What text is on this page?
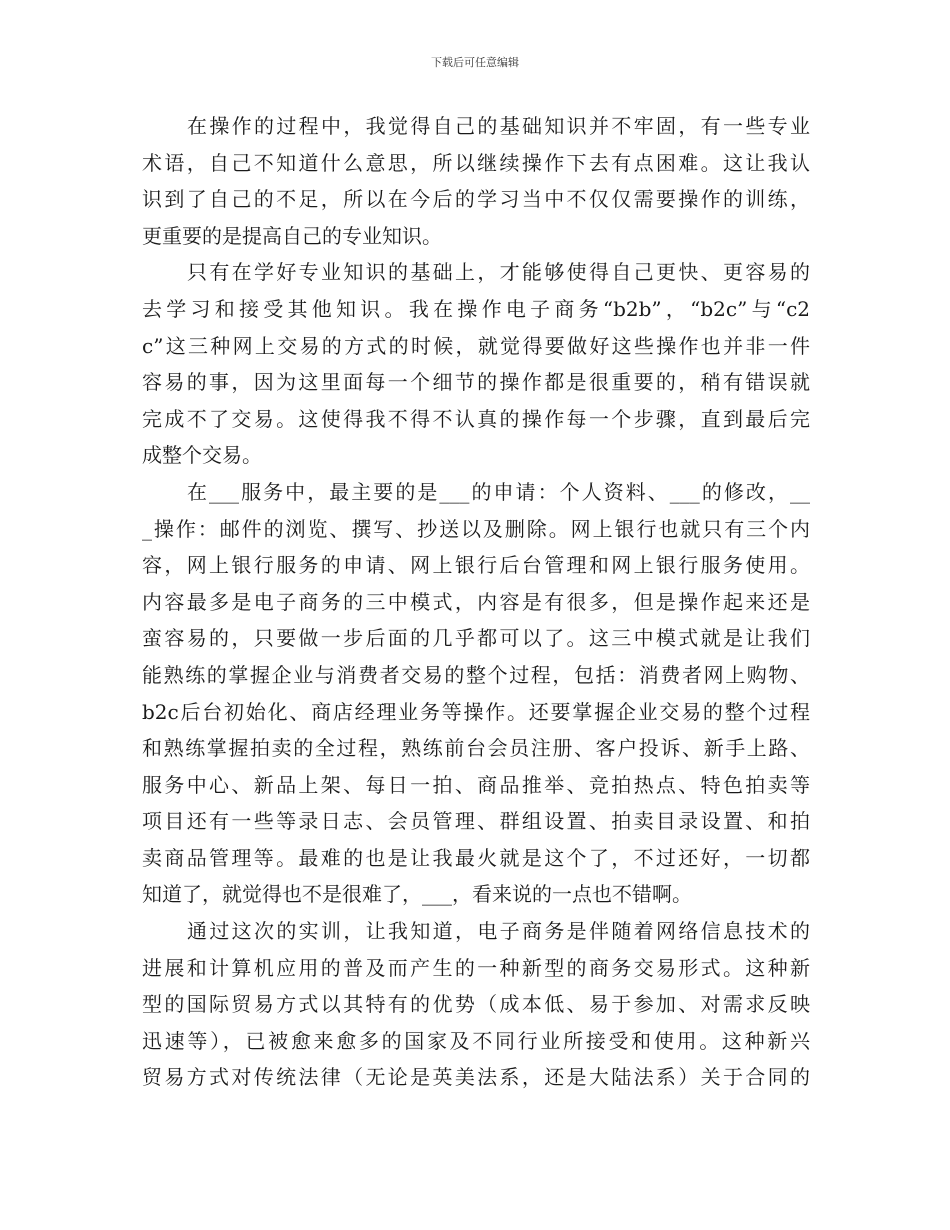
下载后可任意编辑
在操作的过程中，我觉得自己的基础知识并不牢固，有一些专业
术语，自己不知道什么意思，所以继续操作下去有点困难。这让我认
识到了自己的不足，所以在今后的学习当中不仅仅需要操作的训练，
更重要的是提高自己的专业知识。
只有在学好专业知识的基础上，才能够使得自己更快、更容易的
去学习和接受其他知识。我在操作电子商务“b2b”，“b2c”与“c2
c”这三种网上交易的方式的时候，就觉得要做好这些操作也并非一件
容易的事，因为这里面每一个细节的操作都是很重要的，稍有错误就
完成不了交易。这使得我不得不认真的操作每一个步骤，直到最后完
成整个交易。
在___服务中，最主要的是___的申请：个人资料、___的修改，__
_操作：邮件的浏览、撰写、抄送以及删除。网上银行也就只有三个内
容，网上银行服务的申请、网上银行后台管理和网上银行服务使用。
内容最多是电子商务的三中模式，内容是有很多，但是操作起来还是
蛮容易的，只要做一步后面的几乎都可以了。这三中模式就是让我们
能熟练的掌握企业与消费者交易的整个过程，包括：消费者网上购物、
b2c后台初始化、商店经理业务等操作。还要掌握企业交易的整个过程
和熟练掌握拍卖的全过程，熟练前台会员注册、客户投诉、新手上路、
服务中心、新品上架、每日一拍、商品推举、竞拍热点、特色拍卖等
项目还有一些等录日志、会员管理、群组设置、拍卖目录设置、和拍
卖商品管理等。最难的也是让我最火就是这个了，不过还好，一切都
知道了，就觉得也不是很难了，___，看来说的一点也不错啊。
通过这次的实训，让我知道，电子商务是伴随着网络信息技术的
进展和计算机应用的普及而产生的一种新型的商务交易形式。这种新
型的国际贸易方式以其特有的优势（成本低、易于参加、对需求反映
迅速等），已被愈来愈多的国家及不同行业所接受和使用。这种新兴
贸易方式对传统法律（无论是英美法系，还是大陆法系）关于合同的
